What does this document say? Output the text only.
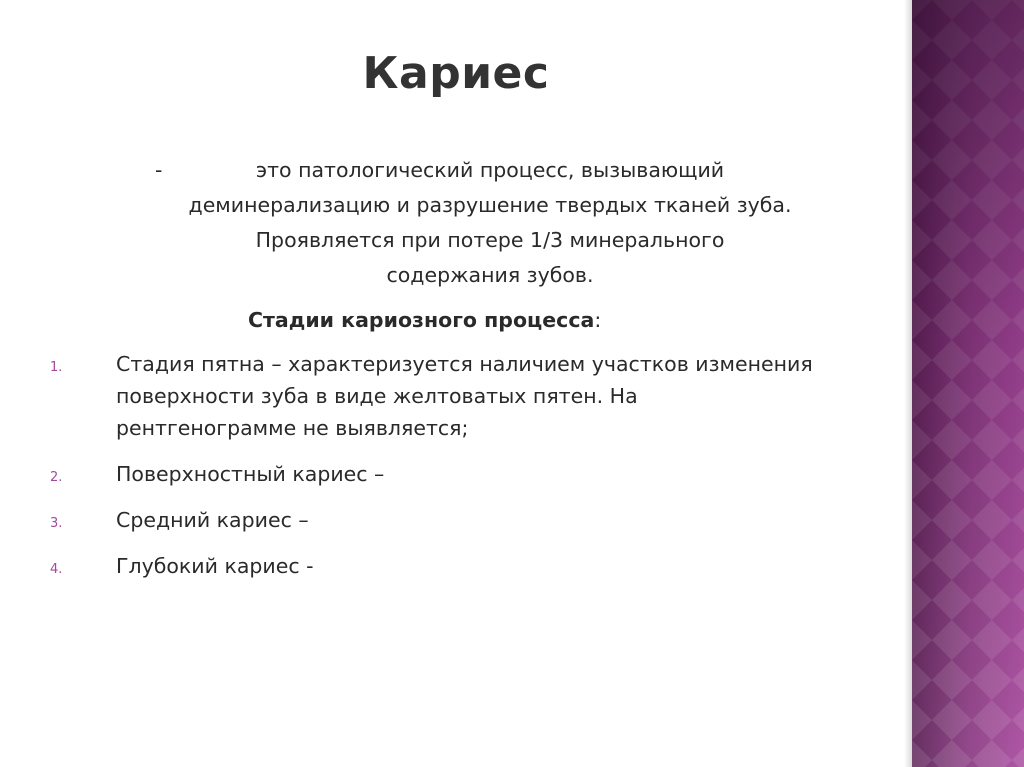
Кариес
-	это патологический процесс, вызывающий
деминерализацию и разрушение твердых тканей зуба.
Проявляется при потере 1/3 минерального
содержания зубов.
Стадии кариозного процесса:
1.	Стадия пятна – характеризуется наличием участков изменения поверхности зуба в виде желтоватых пятен. На рентгенограмме не выявляется;
2.	Поверхностный кариес –
3.	Средний кариес –
4.	Глубокий кариес -
